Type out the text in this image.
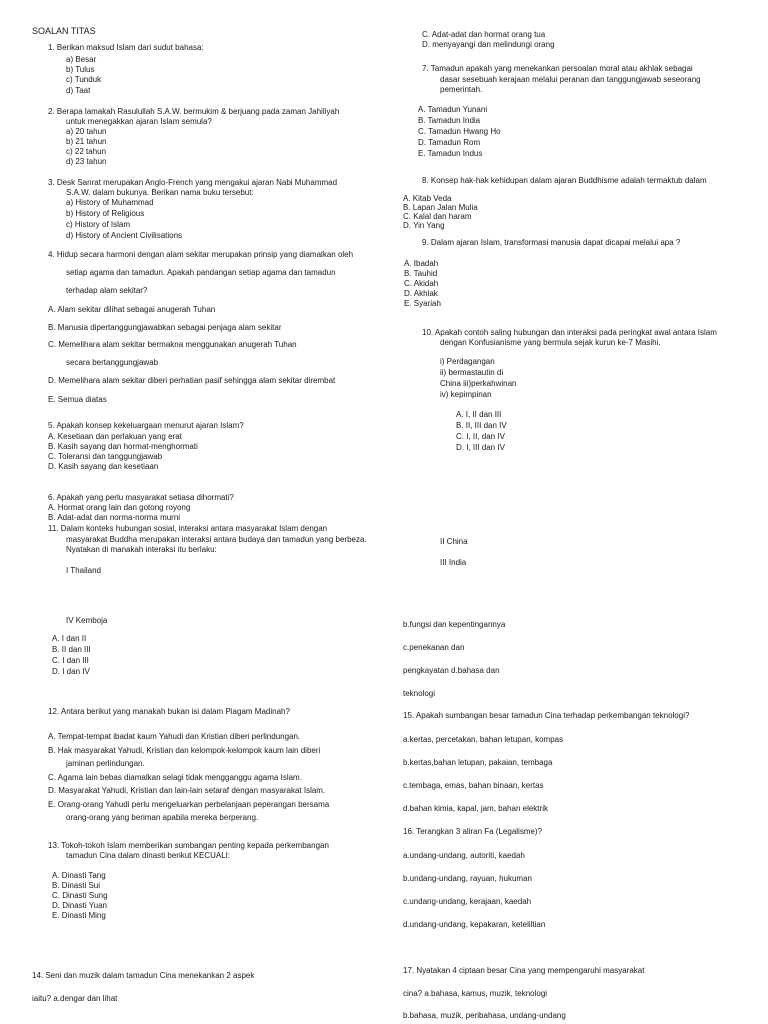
SOALAN TITAS
1. Berikan maksud Islam dari sudut bahasa:
a) Besar
b) Tulus
c) Tunduk
d) Taat
2. Berapa lamakah Rasulullah S.A.W. bermukim & berjuang pada zaman Jahiliyah
untuk menegakkan ajaran Islam semula?
a) 20 tahun
b) 21 tahun
c) 22 tahun
d) 23 tahun
3. Desk Sanrat merupakan Anglo-French yang mengakui ajaran Nabi Muhammad
S.A.W. dalam bukunya. Berikan nama buku tersebut:
a) History of Muhammad
b) History of Religious
c) History of Islam
d) History of Ancient Civilisations
4. Hidup secara harmoni dengan alam sekitar merupakan prinsip yang diamalkan oleh
setiap agama dan tamadun. Apakah pandangan setiap agama dan tamadun
terhadap alam sekitar?
A. Alam sekitar dilihat sebagai anugerah Tuhan
B. Manusia dipertanggungjawabkan sebagai penjaga alam sekitar
C. Memelihara alam sekitar bermakna menggunakan anugerah Tuhan
secara bertanggungjawab
D. Memelihara alam sekitar diberi perhatian pasif sehingga alam sekitar dirembat
E. Semua diatas
5. Apakah konsep kekeluargaan menurut ajaran Islam?
A. Kesetiaan dan perlakuan yang erat
B. Kasih sayang dan hormat-menghormati
C. Toleransi dan tanggungjawab
D. Kasih sayang dan kesetiaan
6. Apakah yang perlu masyarakat setiasa dihormati?
A. Hormat orang lain dan gotong royong
B. Adat-adat dan norma-norma murni
11. Dalam konteks hubungan sosial, interaksi antara masyarakat Islam dengan
masyarakat Buddha merupakan interaksi antara budaya dan tamadun yang berbeza.
Nyatakan di manakah interaksi itu berlaku:
I Thailand
IV Kemboja
A. I dan II
B. II dan III
C. I dan III
D. I dan IV
12. Antara berikut yang manakah bukan isi dalam Piagam Madinah?
A. Tempat-tempat ibadat kaum Yahudi dan Kristian diberi perlindungan.
B. Hak masyarakat Yahudi, Kristian dan kelompok-kelompok kaum lain diberi
jaminan perlindungan.
C. Agama lain bebas diamalkan selagi tidak mengganggu agama Islam.
D. Masyarakat Yahudi, Kristian dan lain-lain setaraf dengan masyarakat Islam.
E. Orang-orang Yahudi perlu mengeluarkan perbelanjaan peperangan bersama
orang-orang yang beriman apabila mereka berperang.
13. Tokoh-tokoh Islam memberikan sumbangan penting kepada perkembangan
tamadun Cina dalam dinasti berikut KECUALI:
A. Dinasti Tang
B. Dinasti Sui
C. Dinasti Sung
D. Dinasti Yuan
E. Dinasti Ming
14. Seni dan muzik dalam tamadun Cina menekankan 2 aspek
iaitu? a.dengar dan lihat
C. Adat-adat dan hormat orang tua
D. menyayangi dan melindungi orang
7. Tamadun apakah yang menekankan persoalan moral atau akhlak sebagai
dasar sesebuah kerajaan melalui peranan dan tanggungjawab seseorang
pemerintah.
A. Tamadun Yunani
B. Tamadun India
C. Tamadun Hwang Ho
D. Tamadun Rom
E. Tamadun Indus
8. Konsep hak-hak kehidupan dalam ajaran Buddhisme adalah termaktub dalam
A. Kitab Veda
B. Lapan Jalan Mulia
C. Kalal dan haram
D. Yin Yang
9. Dalam ajaran Islam, transformasi manusia dapat dicapai melalui apa ?
A. Ibadah
B. Tauhid
C. Akidah
D. Akhlak
E. Syariah
10. Apakah contoh saling hubungan dan interaksi pada peringkat awal antara Islam
dengan Konfusianisme yang bermula sejak kurun ke-7 Masihi.
i) Perdagangan
ii) bermastautin di
China iii)perkahwinan
iv) kepimpinan
A. I, II dan III
B. II, III dan IV
C. I, II, dan IV
D. I, III dan IV
II China
III India
b.fungsi dan kepentingannya
c.penekanan dan
pengkayatan d.bahasa dan
teknologi
15. Apakah sumbangan besar tamadun Cina terhadap perkembangan teknologi?
a.kertas, percetakan, bahan letupan, kompas
b.kertas,bahan letupan, pakaian, tembaga
c.tembaga, emas, bahan binaan, kertas
d.bahan kimia, kapal, jam, bahan elektrik
16. Terangkan 3 aliran Fa (Legalisme)?
a.undang-undang, autoriti, kaedah
b.undang-undang, rayuan, hukuman
c.undang-undang, kerajaan, kaedah
d.undang-undang, kepakaran, keteliltian
17. Nyatakan 4 ciptaan besar Cina yang mempengaruhi masyarakat
cina? a.bahasa, kamus, muzik, teknologi
b.bahasa, muzik, peribahasa, undang-undang
